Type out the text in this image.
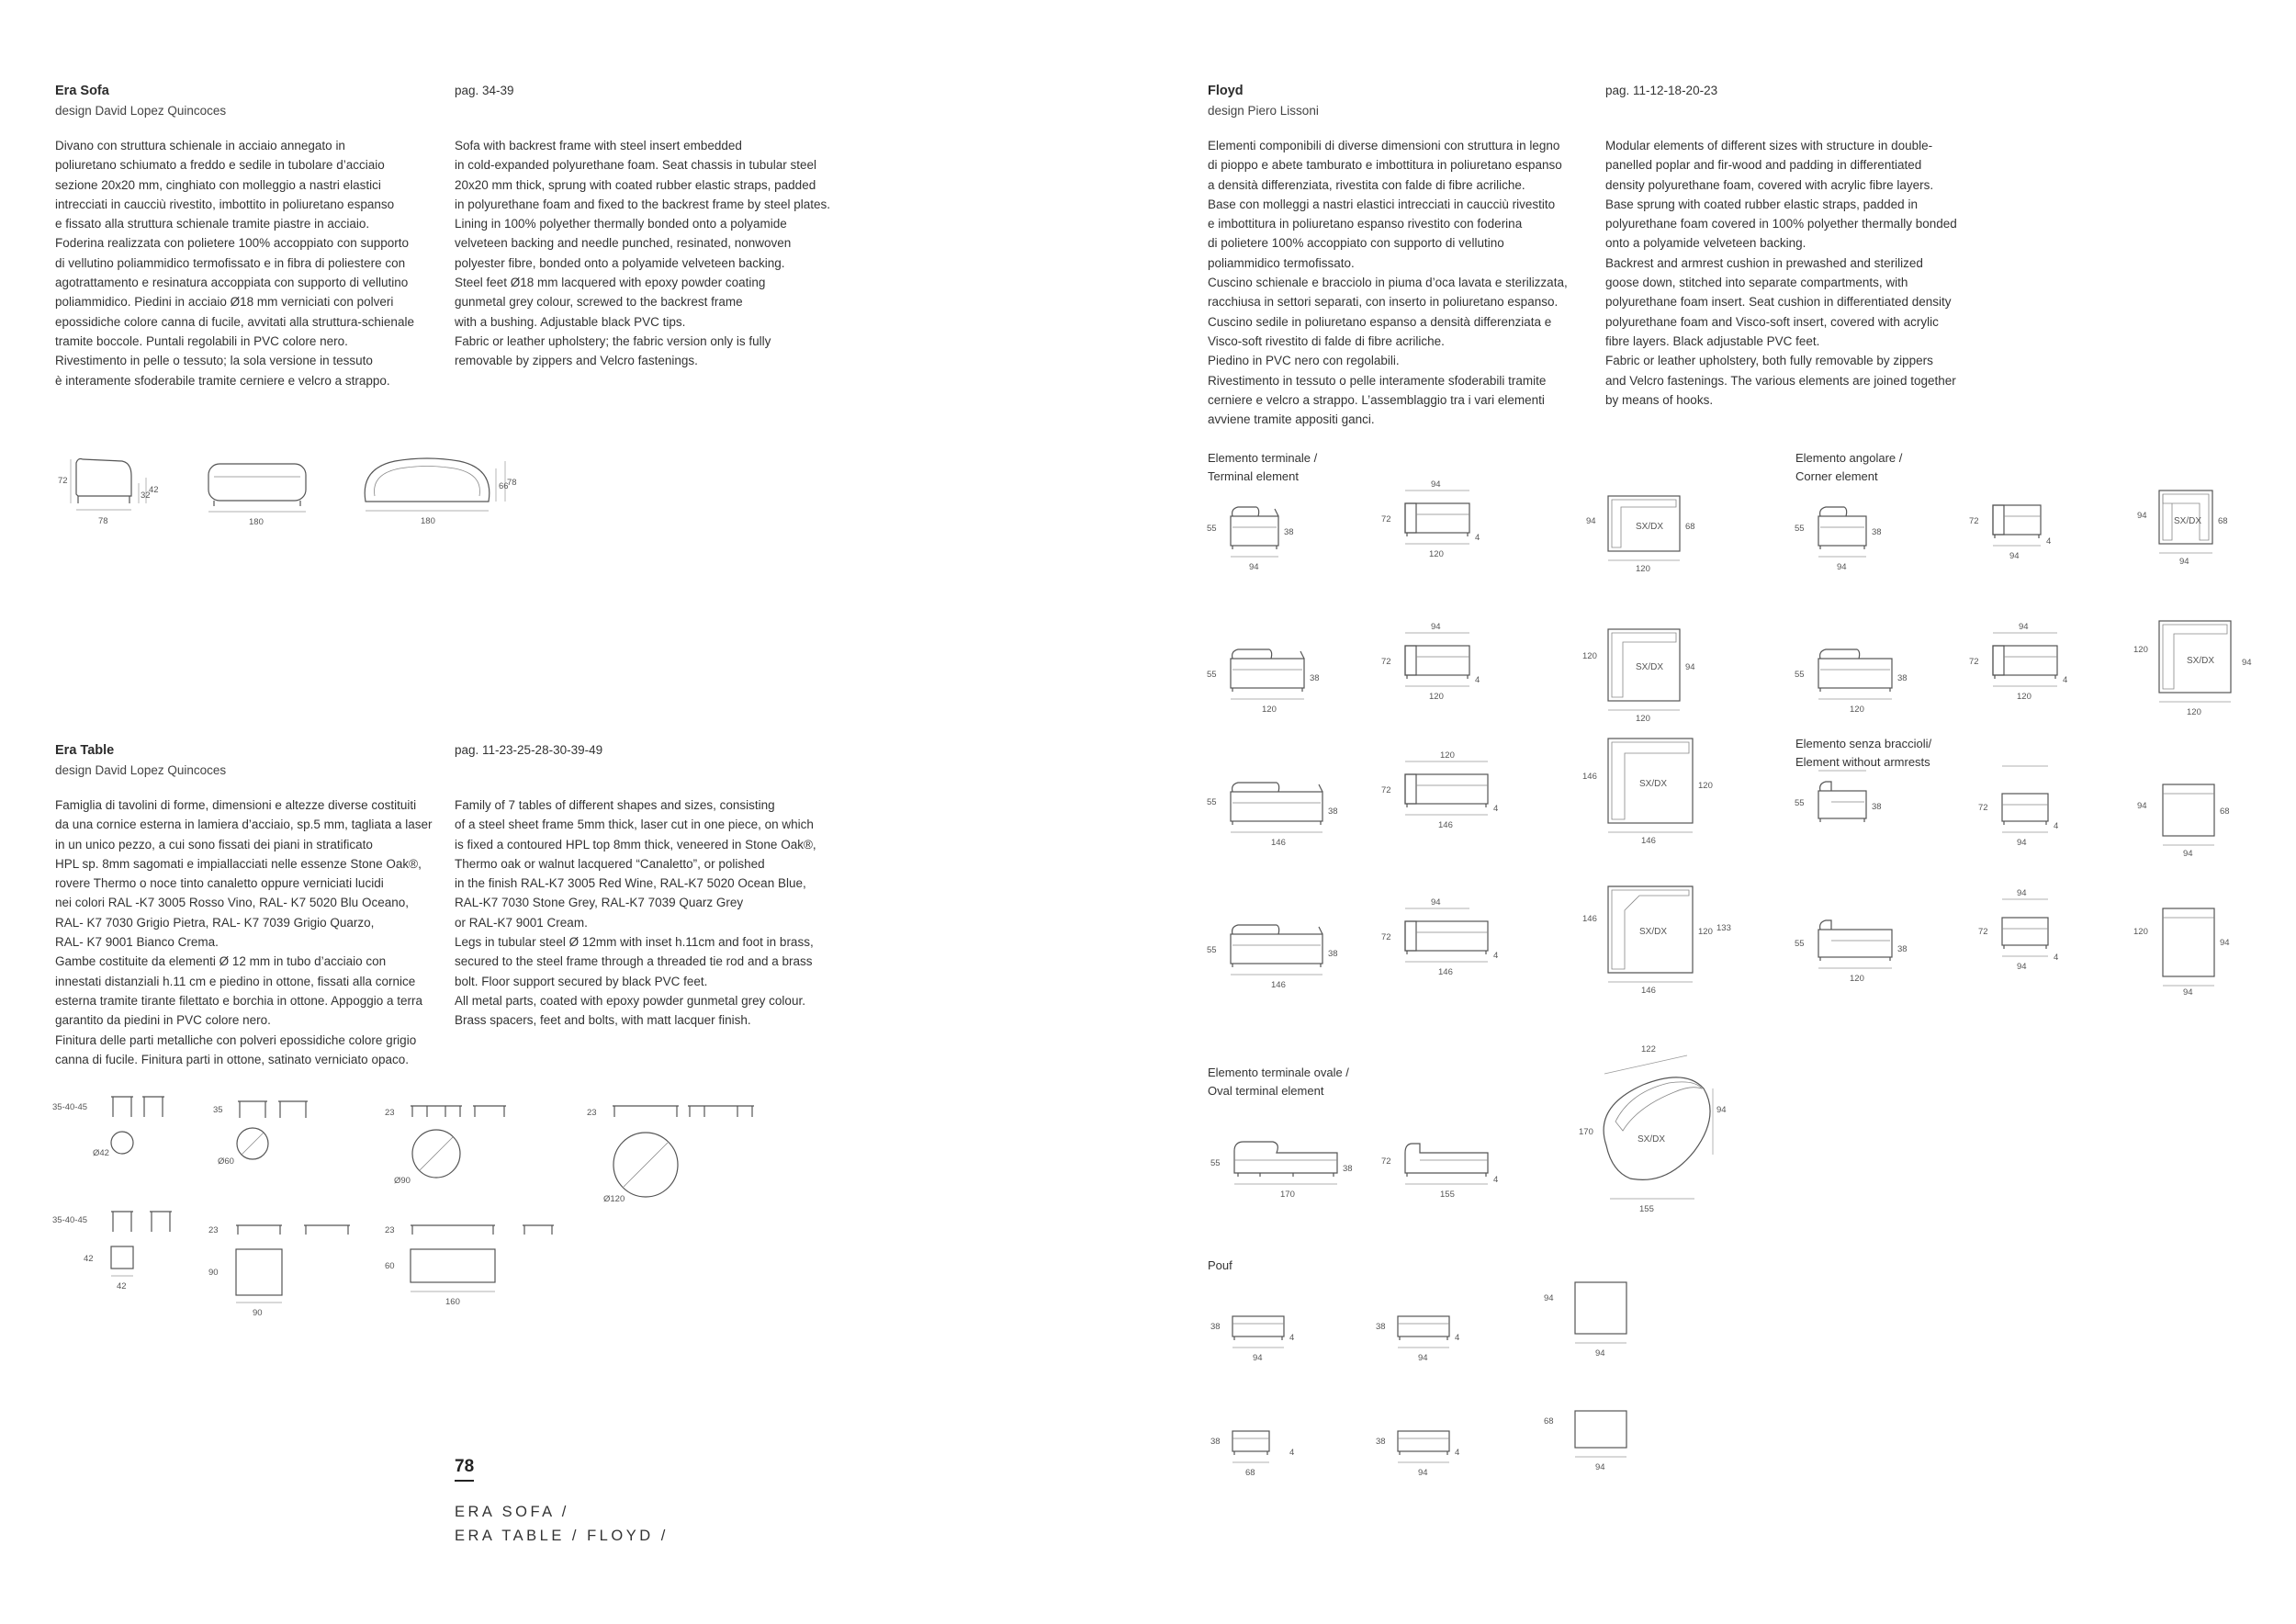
Era Sofa
design David Lopez Quincoces
pag. 34-39
Divano con struttura schienale in acciaio annegato in
poliuretano schiumato a freddo e sedile in tubolare d’acciaio
sezione 20x20 mm, cinghiato con molleggio a nastri elastici
intrecciati in caucciù rivestito, imbottito in poliuretano espanso
e fissato alla struttura schienale tramite piastre in acciaio.
Foderina realizzata con polietere 100% accoppiato con supporto
di vellutino poliammidico termofissato e in fibra di poliestere con
agotrattamento e resinatura accoppiata con supporto di vellutino
poliammidico. Piedini in acciaio Ø18 mm verniciati con polveri
epossidiche colore canna di fucile, avvitati alla struttura-schienale
tramite boccole. Puntali regolabili in PVC colore nero.
Rivestimento in pelle o tessuto; la sola versione in tessuto
è interamente sfoderabile tramite cerniere e velcro a strappo.
Sofa with backrest frame with steel insert embedded
in cold-expanded polyurethane foam. Seat chassis in tubular steel
20x20 mm thick, sprung with coated rubber elastic straps, padded
in polyurethane foam and fixed to the backrest frame by steel plates.
Lining in 100% polyether thermally bonded onto a polyamide
velveteen backing and needle punched, resinated, nonwoven
polyester fibre, bonded onto a polyamide velveteen backing.
Steel feet Ø18 mm lacquered with epoxy powder coating
gunmetal grey colour, screwed to the backrest frame
with a bushing. Adjustable black PVC tips.
Fabric or leather upholstery; the fabric version only is fully
removable by zippers and Velcro fastenings.
72
78
32
42
180	180
66
78
Era Table
design David Lopez Quincoces
pag. 11-23-25-28-30-39-49
Famiglia di tavolini di forme, dimensioni e altezze diverse costituiti
da una cornice esterna in lamiera d’acciaio, sp.5 mm, tagliata a laser
in un unico pezzo, a cui sono fissati dei piani in stratificato
HPL sp. 8mm sagomati e impiallacciati nelle essenze Stone Oak®,
rovere Thermo o noce tinto canaletto oppure verniciati lucidi
nei colori RAL -K7 3005 Rosso Vino, RAL- K7 5020 Blu Oceano,
RAL- K7 7030 Grigio Pietra, RAL- K7 7039 Grigio Quarzo,
RAL- K7 9001 Bianco Crema.
Gambe costituite da elementi Ø 12 mm in tubo d’acciaio con
innestati distanziali h.11 cm e piedino in ottone, fissati alla cornice
esterna tramite tirante filettato e borchia in ottone. Appoggio a terra
garantito da piedini in PVC colore nero.
Finitura delle parti metalliche con polveri epossidiche colore grigio
canna di fucile. Finitura parti in ottone, satinato verniciato opaco.
Family of 7 tables of different shapes and sizes, consisting
of a steel sheet frame 5mm thick, laser cut in one piece, on which
is fixed a contoured HPL top 8mm thick, veneered in Stone Oak®,
Thermo oak or walnut lacquered “Canaletto”, or polished
in the finish RAL-K7 3005 Red Wine, RAL-K7 5020 Ocean Blue,
RAL-K7 7030 Stone Grey, RAL-K7 7039 Quarz Grey
or RAL-K7 9001 Cream.
Legs in tubular steel Ø 12mm with inset h.11cm and foot in brass,
secured to the steel frame through a threaded tie rod and a brass
bolt. Floor support secured by black PVC feet.
All metal parts, coated with epoxy powder gunmetal grey colour.
Brass spacers, feet and bolts, with matt lacquer finish.
35-40-45
Ø42
35
Ø60
23
Ø90
23
Ø120
35-40-45
42
42
23
90
90
23
60
160
78
ERA SOFA /
ERA TABLE / FLOYD /
Floyd
design Piero Lissoni
pag. 11-12-18-20-23
Elementi componibili di diverse dimensioni con struttura in legno
di pioppo e abete tamburato e imbottitura in poliuretano espanso
a densità differenziata, rivestita con falde di fibre acriliche.
Base con molleggi a nastri elastici intrecciati in caucciù rivestito
e imbottitura in poliuretano espanso rivestito con foderina
di polietere 100% accoppiato con supporto di vellutino
poliammidico termofissato.
Cuscino schienale e bracciolo in piuma d’oca lavata e sterilizzata,
racchiusa in settori separati, con inserto in poliuretano espanso.
Cuscino sedile in poliuretano espanso a densità differenziata e
Visco-soft rivestito di falde di fibre acriliche.
Piedino in PVC nero con regolabili.
Rivestimento in tessuto o pelle interamente sfoderabili tramite
cerniere e velcro a strappo. L’assemblaggio tra i vari elementi
avviene tramite appositi ganci.
Modular elements of different sizes with structure in double-
panelled poplar and fir-wood and padding in differentiated
density polyurethane foam, covered with acrylic fibre layers.
Base sprung with coated rubber elastic straps, padded in
polyurethane foam covered in 100% polyether thermally bonded
onto a polyamide velveteen backing.
Backrest and armrest cushion in prewashed and sterilized
goose down, stitched into separate compartments, with
polyurethane foam insert. Seat cushion in differentiated density
polyurethane foam and Visco-soft insert, covered with acrylic
fibre layers. Black adjustable PVC feet.
Fabric or leather upholstery, both fully removable by zippers
and Velcro fastenings. The various elements are joined together
by means of hooks.
Elemento terminale /
Terminal element
Elemento angolare /
Corner element
Elemento senza braccioli/
Element without armrests
Elemento terminale ovale /
Oval terminal element
Pouf
55	38
94
94
72
4
120
SX/DX
94
68
120
55	38
120
94
72
4
120
SX/DX
120
94
120
55
38
146
120
72
4
146
SX/DX
146
120
146
55	38
146
94
72
4
146
SX/DX
146
120 133
146
55	38
94
72
4
94
SX/DX
94
68
94
55	38
120
94
72
4
120
SX/DX
120
94
120
55	38	72
4
94
94
68
94
55
38
120
94
72
4
94
120
94
94
55
38
170
72
4
155
122
170
SX/DX
94
155
38
4
94
38
4
94
94
94
38
4
68
38
4
94
68
94
